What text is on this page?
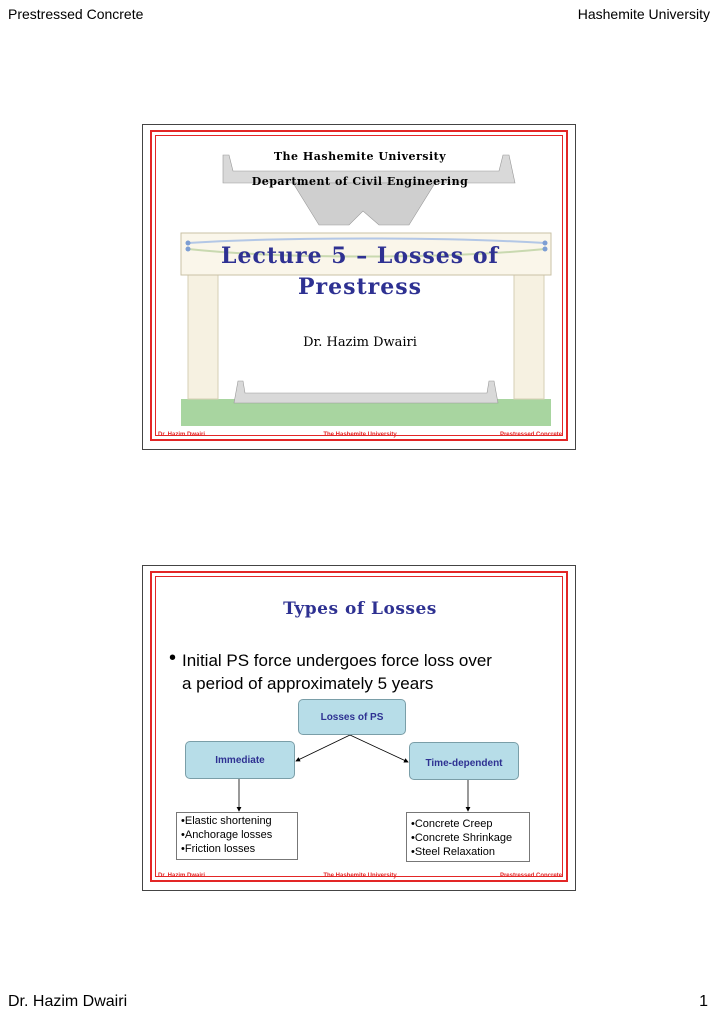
Prestressed Concrete	Hashemite University
Dr. Hazim Dwairi	1
The Hashemite University
Department of Civil Engineering
Lecture 5 – Losses of
Prestress
Dr. Hazim Dwairi
Dr. Hazim Dwairi	The Hashemite University	Prestressed Concrete
Types of Losses
• Initial PS force undergoes force loss over
a period of approximately 5 years
Losses of PS
Immediate	Time-dependent
•Elastic shortening
•Anchorage losses
•Friction losses
•Concrete Creep
•Concrete Shrinkage
•Steel Relaxation
Dr. Hazim Dwairi	The Hashemite University	Prestressed Concrete
